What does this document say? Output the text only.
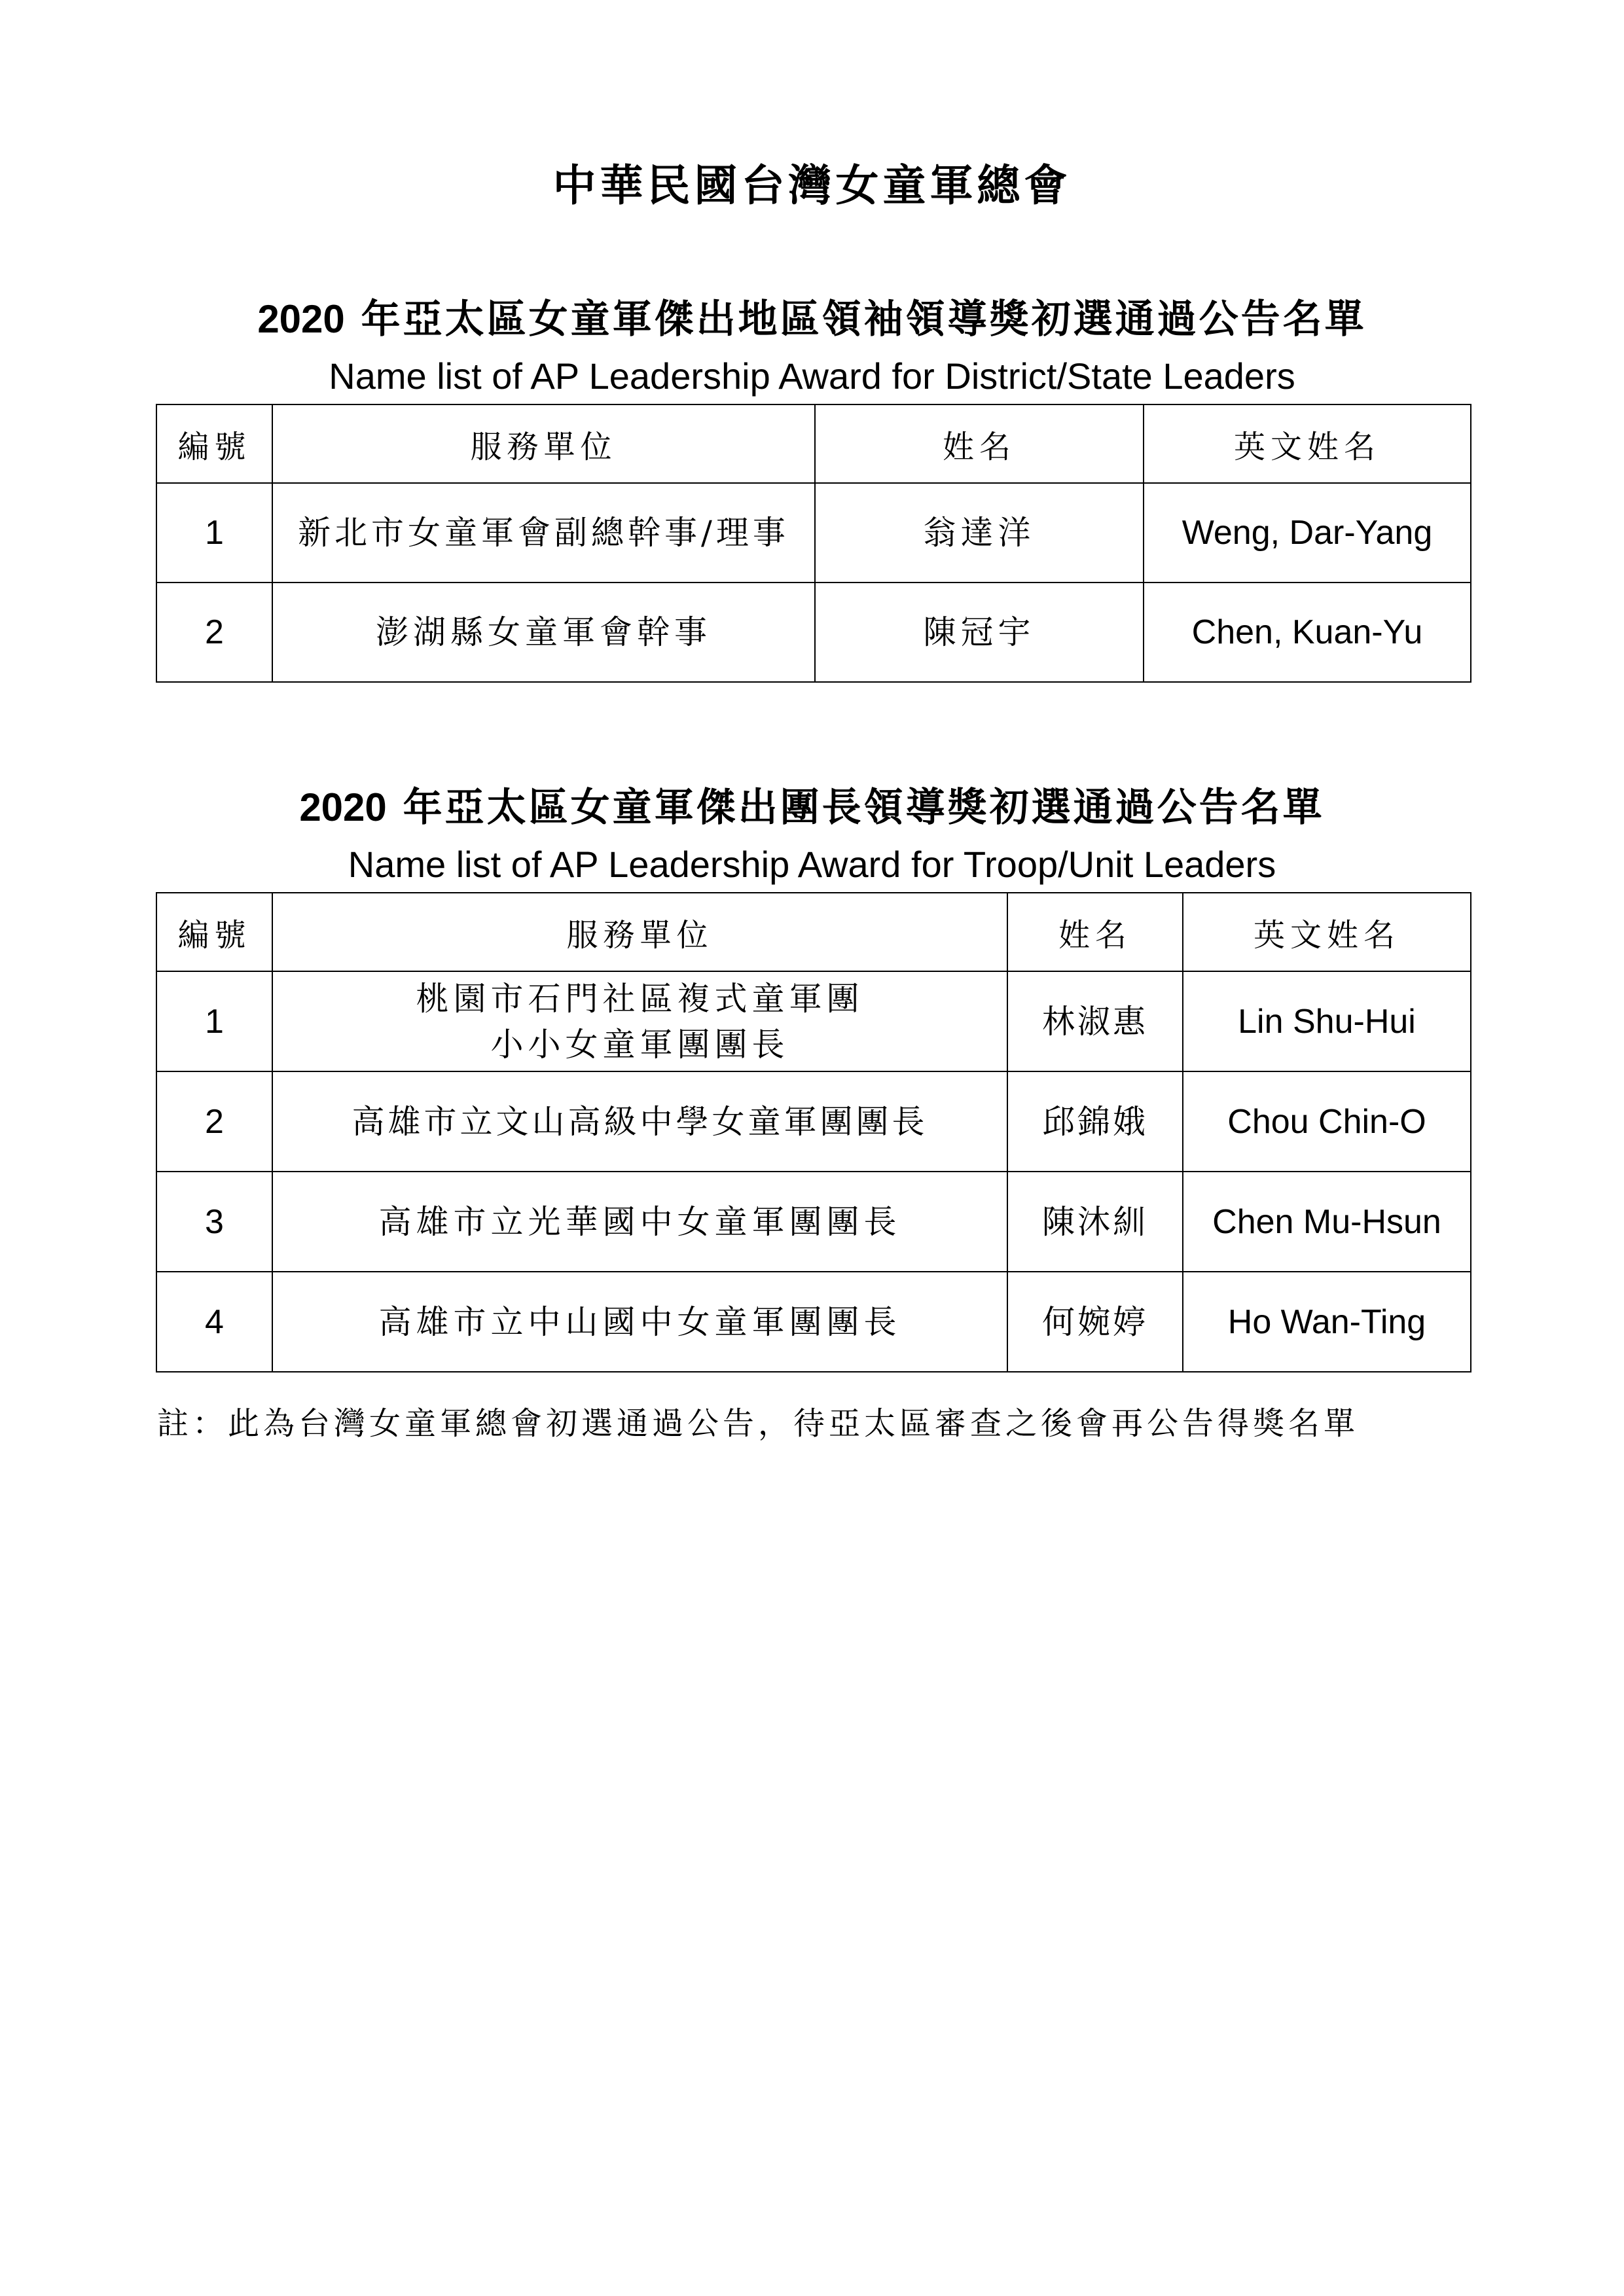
中華民國台灣女童軍總會
2020 年亞太區女童軍傑出地區領袖領導獎初選通過公告名單
Name list of AP Leadership Award for District/State Leaders
編號	服務單位	姓名	英文姓名
1	新北市女童軍會副總幹事/理事	翁達洋	Weng, Dar-Yang
2	澎湖縣女童軍會幹事	陳冠宇	Chen, Kuan-Yu
2020 年亞太區女童軍傑出團長領導獎初選通過公告名單
Name list of AP Leadership Award for Troop/Unit Leaders
編號	服務單位	姓名	英文姓名
1	桃園市石門社區複式童軍團
小小女童軍團團長	林淑惠	Lin Shu-Hui
2	高雄市立文山高級中學女童軍團團長	邱錦娥	Chou Chin-O
3	高雄市立光華國中女童軍團團長	陳沐紃	Chen Mu-Hsun
4	高雄市立中山國中女童軍團團長	何婉婷	Ho Wan-Ting
註：此為台灣女童軍總會初選通過公告，待亞太區審查之後會再公告得獎名單
